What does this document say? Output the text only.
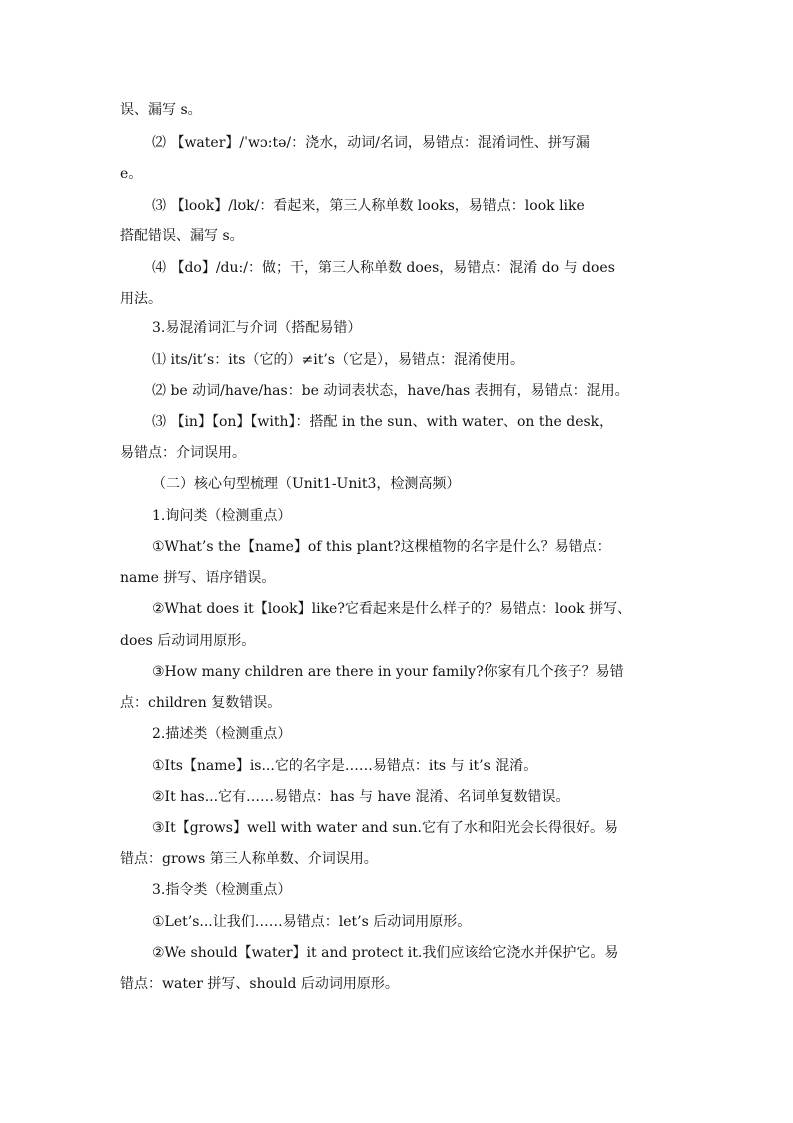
误、漏写 s。
⑵ 【water】/ˈwɔ:tə/：浇水，动词/名词，易错点：混淆词性、拼写漏
e。
⑶ 【look】/lʊk/：看起来，第三人称单数 looks，易错点：look like
搭配错误、漏写 s。
⑷ 【do】/du:/：做；干，第三人称单数 does，易错点：混淆 do 与 does
用法。
3.易混淆词汇与介词（搭配易错）
⑴ its/it’s：its（它的）≠it’s（它是），易错点：混淆使用。
⑵ be 动词/have/has：be 动词表状态，have/has 表拥有，易错点：混用。
⑶ 【in】【on】【with】：搭配 in the sun、with water、on the desk，
易错点：介词误用。
（二）核心句型梳理（Unit1-Unit3，检测高频）
1.询问类（检测重点）
①What’s the【name】of this plant?这棵植物的名字是什么？易错点：
name 拼写、语序错误。
②What does it【look】like?它看起来是什么样子的？易错点：look 拼写、
does 后动词用原形。
③How many children are there in your family?你家有几个孩子？易错
点：children 复数错误。
2.描述类（检测重点）
①Its【name】is...它的名字是……易错点：its 与 it’s 混淆。
②It has...它有……易错点：has 与 have 混淆、名词单复数错误。
③It【grows】well with water and sun.它有了水和阳光会长得很好。易
错点：grows 第三人称单数、介词误用。
3.指令类（检测重点）
①Let’s...让我们……易错点：let’s 后动词用原形。
②We should【water】it and protect it.我们应该给它浇水并保护它。易
错点：water 拼写、should 后动词用原形。
